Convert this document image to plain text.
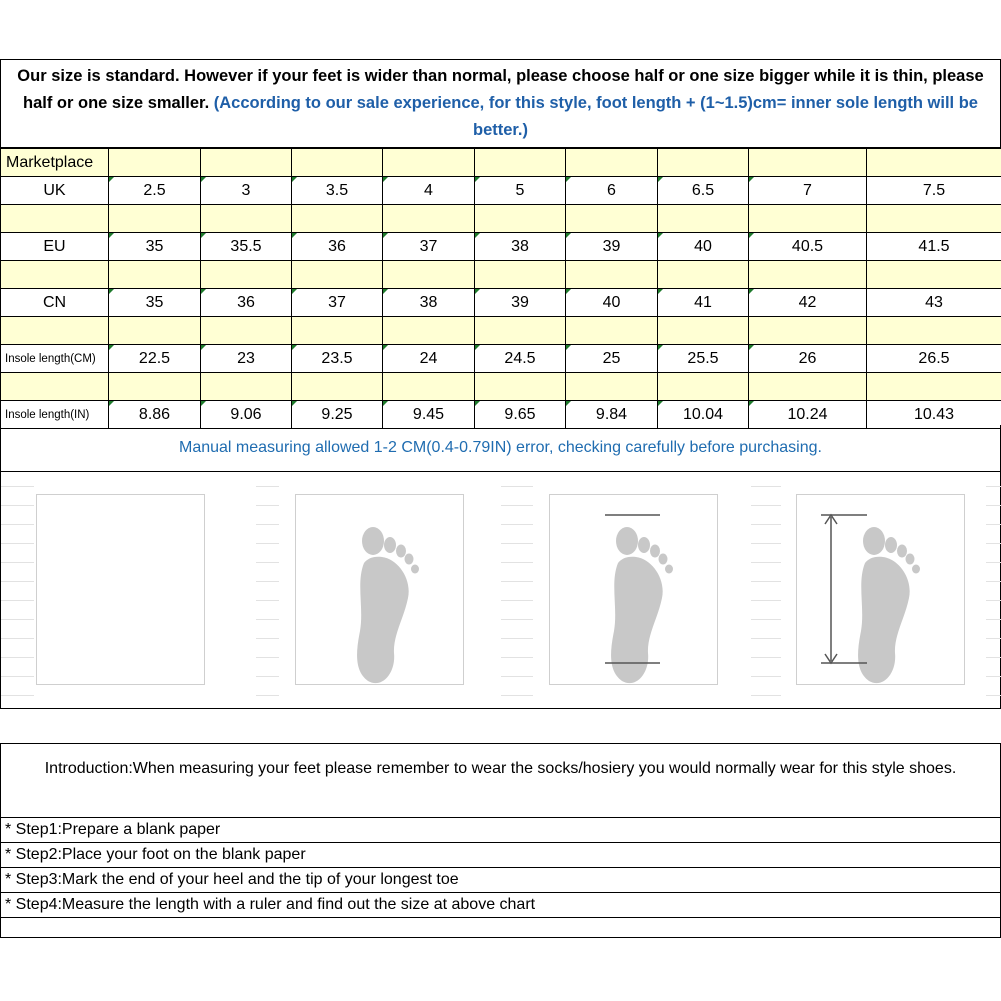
Our size is standard. However if your feet is wider than normal, please choose half or one size bigger while it is thin, please half or one size smaller. (According to our sale experience, for this style, foot length + (1~1.5)cm= inner sole length will be better.)
Marketplace									
UK	2.5	3	3.5	4	5	6	6.5	7	7.5

EU	35	35.5	36	37	38	39	40	40.5	41.5

CN	35	36	37	38	39	40	41	42	43

Insole length(CM)	22.5	23	23.5	24	24.5	25	25.5	26	26.5

Insole length(IN)	8.86	9.06	9.25	9.45	9.65	9.84	10.04	10.24	10.43
Manual measuring allowed 1-2 CM(0.4-0.79IN) error, checking carefully before purchasing.
Introduction:When measuring your feet please remember to wear the socks/hosiery you would normally wear for this style shoes.
* Step1:Prepare a blank paper
* Step2:Place your foot on the blank paper
* Step3:Mark the end of your heel and the tip of your longest toe
* Step4:Measure the length with a ruler and find out the size at above chart
